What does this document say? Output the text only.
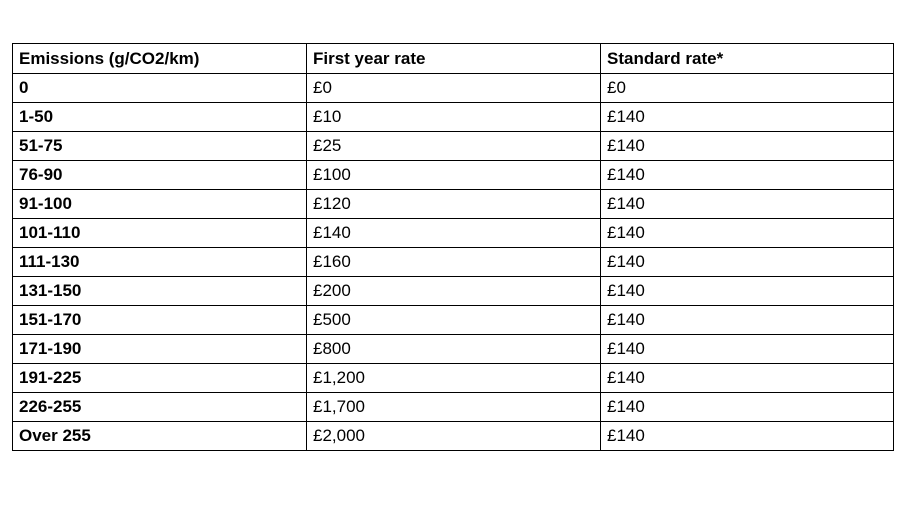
Emissions (g/CO2/km)	First year rate	Standard rate*
0	£0	£0
1-50	£10	£140
51-75	£25	£140
76-90	£100	£140
91-100	£120	£140
101-110	£140	£140
111-130	£160	£140
131-150	£200	£140
151-170	£500	£140
171-190	£800	£140
191-225	£1,200	£140
226-255	£1,700	£140
Over 255	£2,000	£140
